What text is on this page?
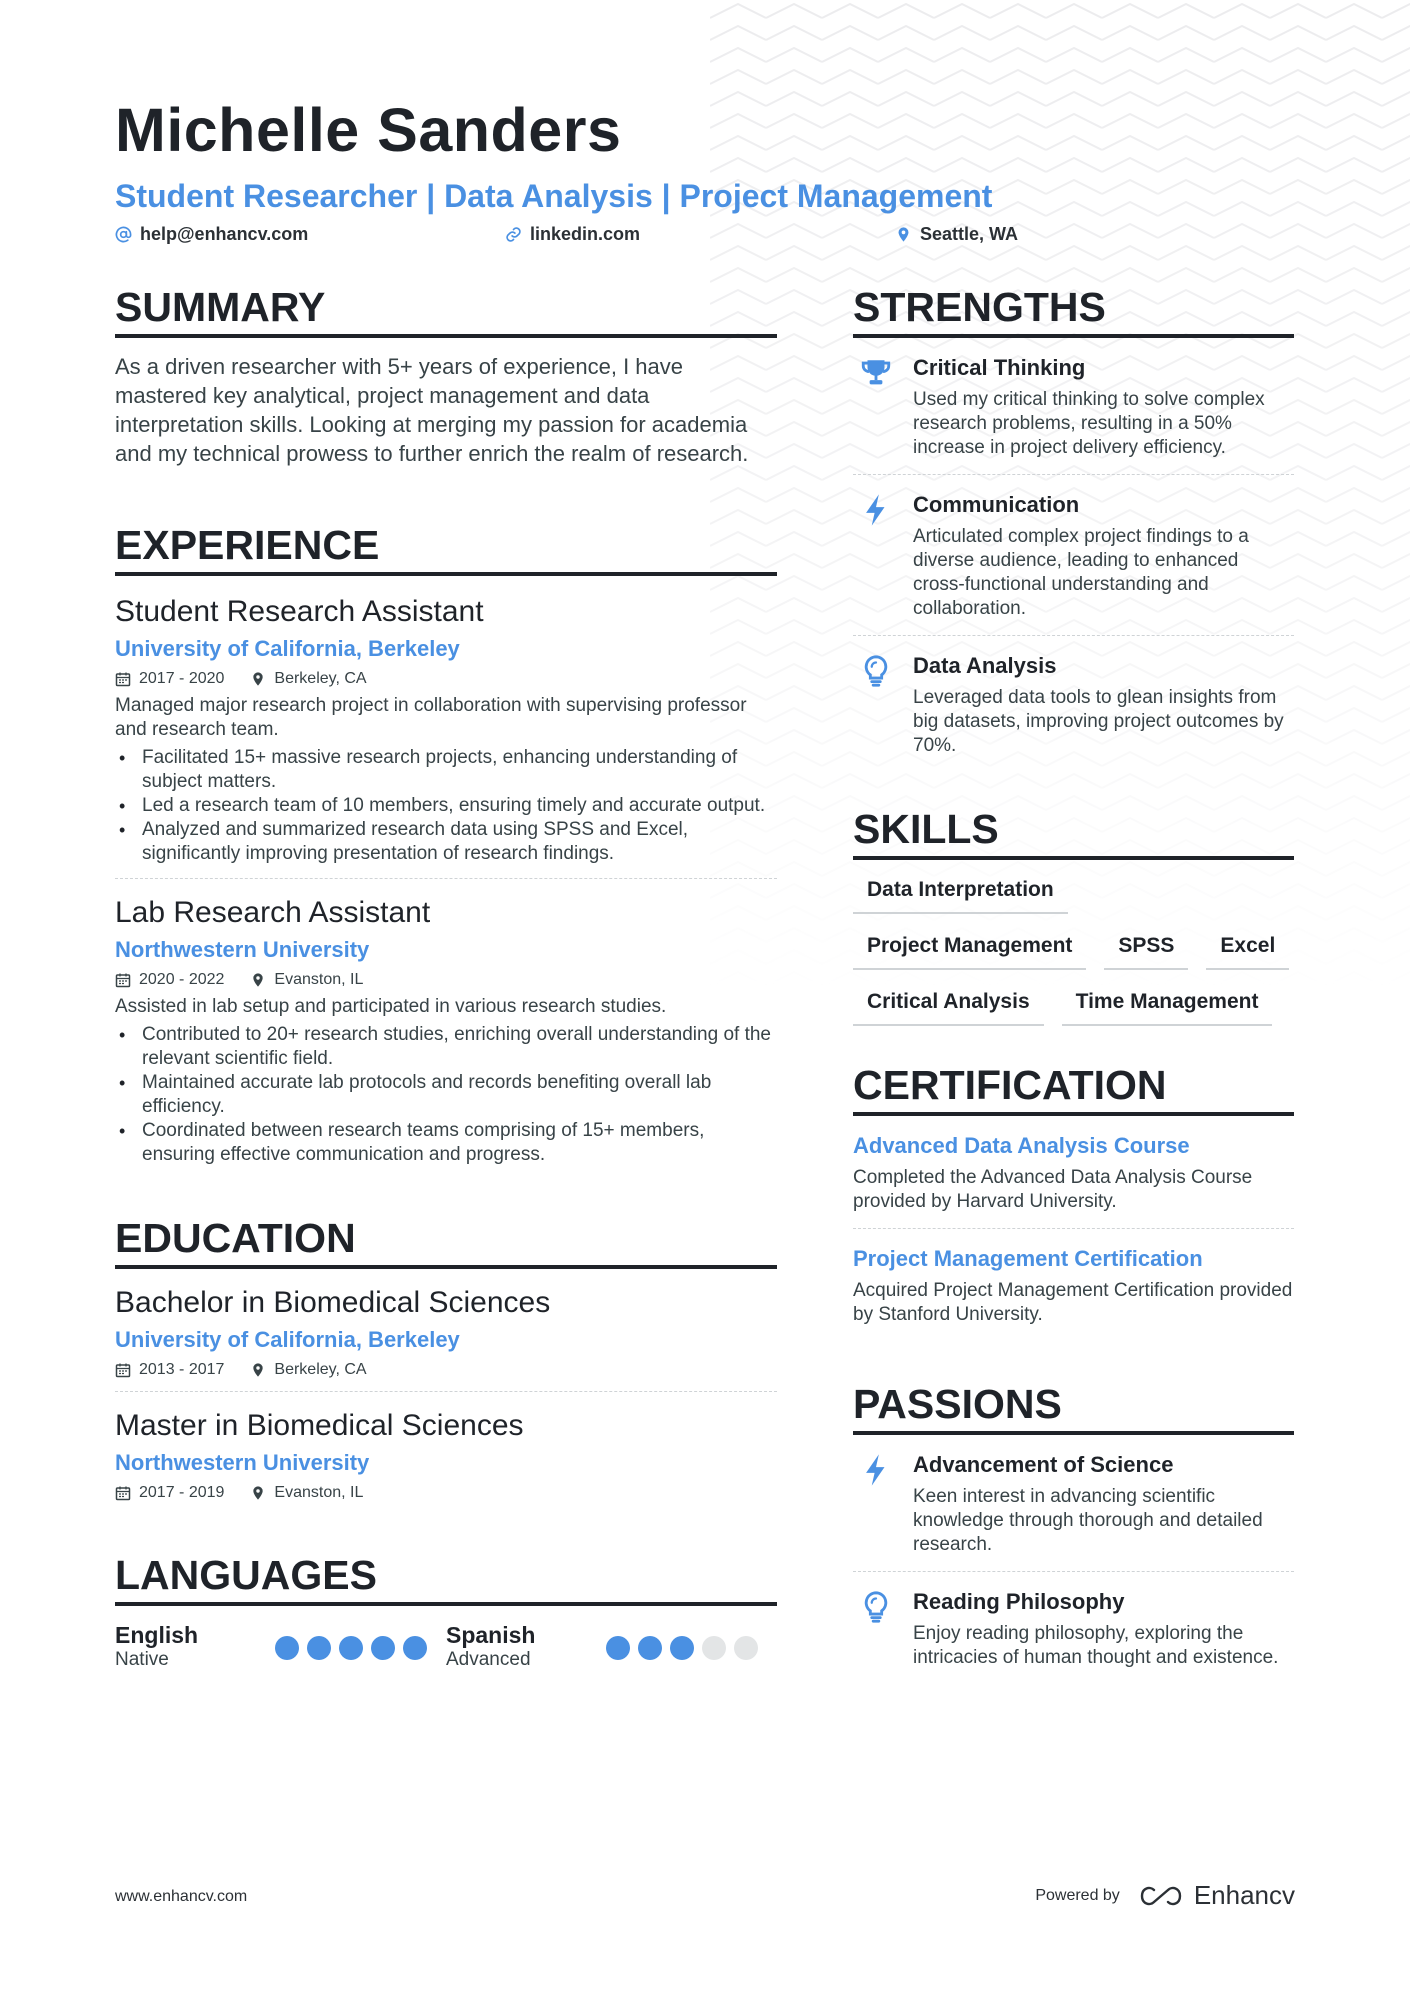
Michelle Sanders
Student Researcher | Data Analysis | Project Management
help@enhancv.com	linkedin.com	Seattle, WA
SUMMARY
As a driven researcher with 5+ years of experience, I have mastered key analytical, project management and data interpretation skills. Looking at merging my passion for academia and my technical prowess to further enrich the realm of research.
EXPERIENCE
Student Research Assistant
University of California, Berkeley
2017 - 2020	Berkeley, CA
Managed major research project in collaboration with supervising professor and research team.
• Facilitated 15+ massive research projects, enhancing understanding of subject matters.
• Led a research team of 10 members, ensuring timely and accurate output.
• Analyzed and summarized research data using SPSS and Excel, significantly improving presentation of research findings.
Lab Research Assistant
Northwestern University
2020 - 2022	Evanston, IL
Assisted in lab setup and participated in various research studies.
• Contributed to 20+ research studies, enriching overall understanding of the relevant scientific field.
• Maintained accurate lab protocols and records benefiting overall lab efficiency.
• Coordinated between research teams comprising of 15+ members, ensuring effective communication and progress.
EDUCATION
Bachelor in Biomedical Sciences
University of California, Berkeley
2013 - 2017	Berkeley, CA
Master in Biomedical Sciences
Northwestern University
2017 - 2019	Evanston, IL
LANGUAGES
English
Native
Spanish
Advanced
STRENGTHS
Critical Thinking
Used my critical thinking to solve complex research problems, resulting in a 50% increase in project delivery efficiency.
Communication
Articulated complex project findings to a diverse audience, leading to enhanced cross-functional understanding and collaboration.
Data Analysis
Leveraged data tools to glean insights from big datasets, improving project outcomes by 70%.
SKILLS
Data Interpretation
Project Management	SPSS	Excel
Critical Analysis	Time Management
CERTIFICATION
Advanced Data Analysis Course
Completed the Advanced Data Analysis Course provided by Harvard University.
Project Management Certification
Acquired Project Management Certification provided by Stanford University.
PASSIONS
Advancement of Science
Keen interest in advancing scientific knowledge through thorough and detailed research.
Reading Philosophy
Enjoy reading philosophy, exploring the intricacies of human thought and existence.
www.enhancv.com	Powered by	Enhancv
